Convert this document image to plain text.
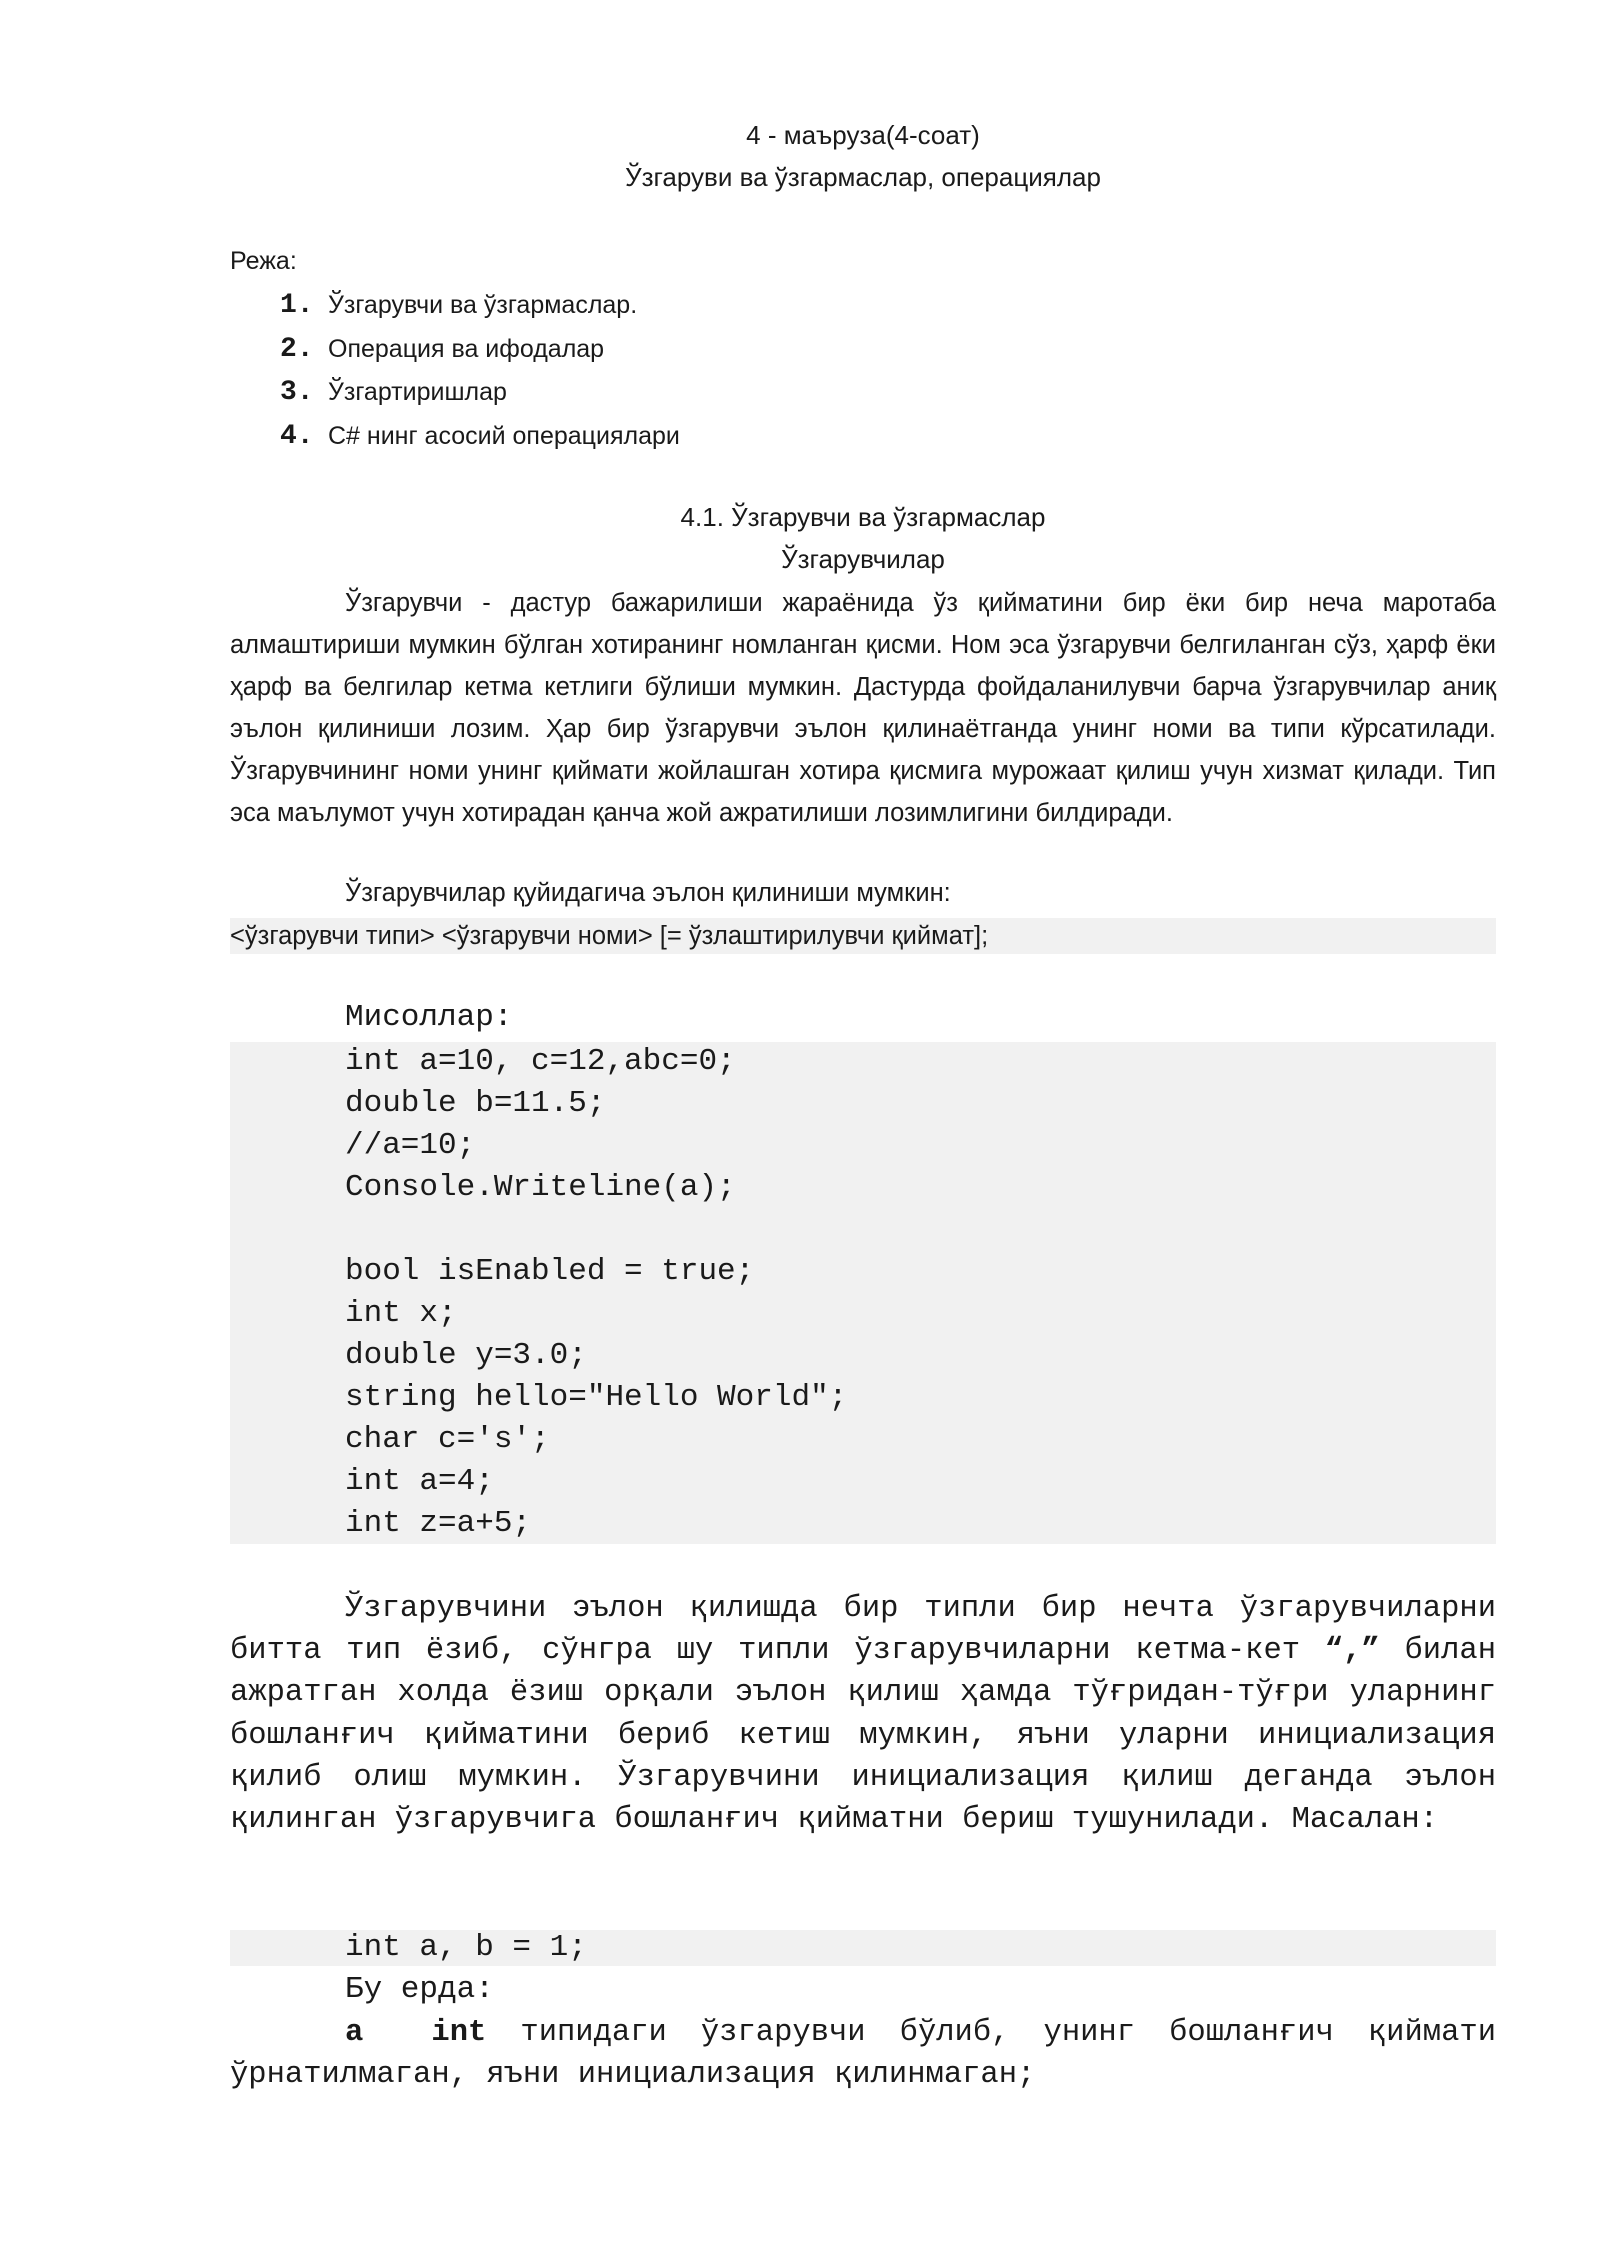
4 - маърузa(4-соат)
Ўзгаруви ва ўзгармаслар, операциялар
Режа:
1. Ўзгарувчи ва ўзгармаслар.
2. Операция ва ифодалар
3. Ўзгартиришлар
4. C# нинг асосий операциялари
4.1. Ўзгарувчи ва ўзгармаслар
Ўзгарувчилар

Ўзгарувчи - дастур бажарилиши жараёнида ўз қийматини бир ёки бир неча маротаба алмаштириши мумкин бўлган хотиранинг номланган қисми. Ном эса ўзгарувчи белгиланган сўз, ҳарф ёки ҳарф ва белгилар кетма кетлиги бўлиши мумкин. Дастурда фойдаланилувчи барча ўзгарувчилар аниқ эълон қилиниши лозим. Ҳар бир ўзгарувчи эълон қилинаётганда унинг номи ва типи кўрсатилади. Ўзгарувчининг номи унинг қиймати жойлашган хотира қисмига мурожаат қилиш учун хизмат қилади. Тип эса маълумот учун хотирадан қанча жой ажратилиши лозимлигини билдиради.

Ўзгарувчилар қуйидагича эълон қилиниши мумкин:
<ўзгарувчи типи> <ўзгарувчи номи> [= ўзлаштирилувчи қиймат];
Мисоллар:
int a=10, c=12,abc=0;
double b=11.5;
//a=10;
Console.Writeline(a);
bool isEnabled = true;
int x;
double y=3.0;
string hello="Hello World";
char c='s';
int a=4;
int z=a+5;

Ўзгарувчини эълон қилишда бир типли бир нечта ўзгарувчиларни битта тип ёзиб, сўнгра шу типли ўзгарувчиларни кетма-кет “,” билан ажратган холда ёзиш орқали эълон қилиш ҳамда тўғридан-тўғри уларнинг бошланғич қийматини бериб кетиш мумкин, яъни уларни инициализация қилиб олиш мумкин. Ўзгарувчини инициализация қилиш деганда эълон қилинган ўзгарувчига бошланғич қийматни бериш тушунилади. Масалан:

int a, b = 1;
Бу ерда:

a int типидаги ўзгарувчи бўлиб, унинг бошланғич қиймати ўрнатилмаган, яъни инициализация қилинмаган;
